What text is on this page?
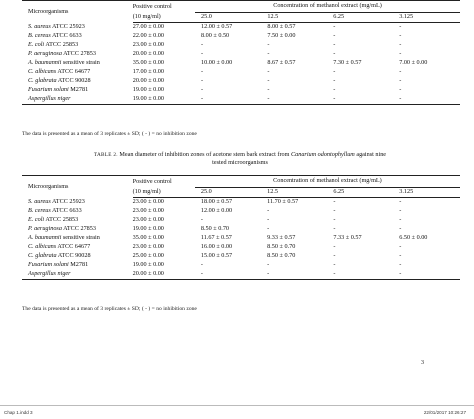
Microorganisms	Positive control	Concentration of methanol extract (mg/mL)			
	(10 mg/ml)	25.0	12.5	6.25	3.125
S. aureus ATCC 25923	27.00 ± 0.00	12.00 ± 0.57	8.00 ± 0.57	-	-
B. cereus ATCC 6633	22.00 ± 0.00	8.00 ± 0.50	7.50 ± 0.00	-	-
E. coli ATCC 25853	23.00 ± 0.00	-	-	-	-
P. aeruginosa ATCC 27853	20.00 ± 0.00	-	-	-	-
A. baumannii sensitive strain	35.00 ± 0.00	10.00 ± 0.00	8.67 ± 0.57	7.30 ± 0.57	7.00 ± 0.00
C. albicans ATCC 64677	17.00 ± 0.00	-	-	-	-
C. glabrata ATCC 90028	20.00 ± 0.00	-	-	-	-
Fusarium solani M2781	19.00 ± 0.00	-	-	-	-
Aspergillus niger	19.00 ± 0.00	-	-	-	-
The data is presented as a mean of 3 replicates ± SD; ( - ) = no inhibition zone
TABLE 2. Mean diameter of inhibition zones of acetone stem bark extract from Canarium odontophyllum against nine
tested microorganisms
Microorganisms	Positive control	Concentration of methanol extract (mg/mL)			
	(10 mg/ml)	25.0	12.5	6.25	3.125
S. aureus ATCC 25923	23.00 ± 0.00	18.00 ± 0.57	11.70 ± 0.57	-	-
B. cereus ATCC 6633	23.00 ± 0.00	12.00 ± 0.00	-	-	-
E. coli ATCC 25853	23.00 ± 0.00	-	-	-	-
P. aeruginosa ATCC 27853	19.00 ± 0.00	8.50 ± 0.70	-	-	-
A. baumannii sensitive strain	35.00 ± 0.00	11.67 ± 0.57	9.33 ± 0.57	7.33 ± 0.57	6.50 ± 0.00
C. albicans ATCC 64677	23.00 ± 0.00	16.00 ± 0.00	8.50 ± 0.70	-	-
C. glabrata ATCC 90028	25.00 ± 0.00	15.00 ± 0.57	8.50 ± 0.70	-	-
Fusarium solani M2781	19.00 ± 0.00	-	-	-	-
Aspergillus niger	20.00 ± 0.00	-	-	-	-
The data is presented as a mean of 3 replicates ± SD; ( - ) = no inhibition zone
3
Chap 1.indd 3	22/01/2017 10:26:27
